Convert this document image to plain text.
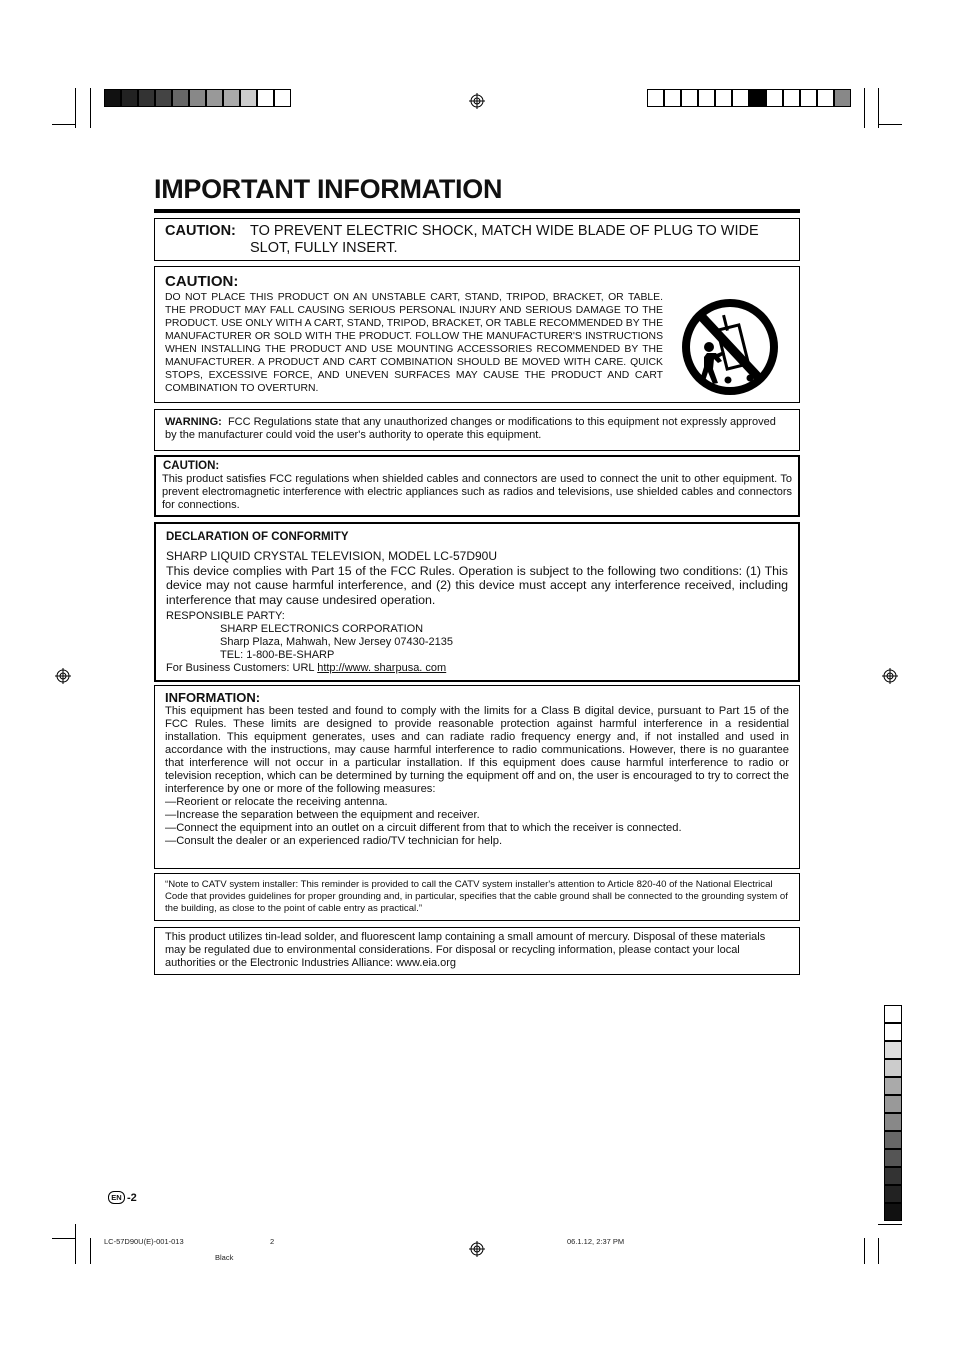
IMPORTANT INFORMATION
CAUTION: TO PREVENT ELECTRIC SHOCK, MATCH WIDE BLADE OF PLUG TO WIDE SLOT, FULLY INSERT.
CAUTION:
DO NOT PLACE THIS PRODUCT ON AN UNSTABLE CART, STAND, TRIPOD, BRACKET, OR TABLE. THE PRODUCT MAY FALL CAUSING SERIOUS PERSONAL INJURY AND SERIOUS DAMAGE TO THE PRODUCT. USE ONLY WITH A CART, STAND, TRIPOD, BRACKET, OR TABLE RECOMMENDED BY THE MANUFACTURER OR SOLD WITH THE PRODUCT. FOLLOW THE MANUFACTURER'S INSTRUCTIONS WHEN INSTALLING THE PRODUCT AND USE MOUNTING ACCESSORIES RECOMMENDED BY THE MANUFACTURER. A PRODUCT AND CART COMBINATION SHOULD BE MOVED WITH CARE. QUICK STOPS, EXCESSIVE FORCE, AND UNEVEN SURFACES MAY CAUSE THE PRODUCT AND CART COMBINATION TO OVERTURN.
WARNING: FCC Regulations state that any unauthorized changes or modifications to this equipment not expressly approved by the manufacturer could void the user's authority to operate this equipment.
CAUTION:
This product satisfies FCC regulations when shielded cables and connectors are used to connect the unit to other equipment. To prevent electromagnetic interference with electric appliances such as radios and televisions, use shielded cables and connectors for connections.
DECLARATION OF CONFORMITY
SHARP LIQUID CRYSTAL TELEVISION, MODEL LC-57D90U
This device complies with Part 15 of the FCC Rules. Operation is subject to the following two conditions: (1) This device may not cause harmful interference, and (2) this device must accept any interference received, including interference that may cause undesired operation.
RESPONSIBLE PARTY:
SHARP ELECTRONICS CORPORATION
Sharp Plaza, Mahwah, New Jersey 07430-2135
TEL: 1-800-BE-SHARP
For Business Customers: URL http://www. sharpusa. com
INFORMATION:
This equipment has been tested and found to comply with the limits for a Class B digital device, pursuant to Part 15 of the FCC Rules. These limits are designed to provide reasonable protection against harmful interference in a residential installation. This equipment generates, uses and can radiate radio frequency energy and, if not installed and used in accordance with the instructions, may cause harmful interference to radio communications. However, there is no guarantee that interference will not occur in a particular installation. If this equipment does cause harmful interference to radio or television reception, which can be determined by turning the equipment off and on, the user is encouraged to try to correct the interference by one or more of the following measures:
—Reorient or relocate the receiving antenna.
—Increase the separation between the equipment and receiver.
—Connect the equipment into an outlet on a circuit different from that to which the receiver is connected.
—Consult the dealer or an experienced radio/TV technician for help.
“Note to CATV system installer: This reminder is provided to call the CATV system installer's attention to Article 820-40 of the National Electrical Code that provides guidelines for proper grounding and, in particular, specifies that the cable ground shall be connected to the grounding system of the building, as close to the point of cable entry as practical.”
This product utilizes tin-lead solder, and fluorescent lamp containing a small amount of mercury. Disposal of these materials may be regulated due to environmental considerations. For disposal or recycling information, please contact your local authorities or the Electronic Industries Alliance: www.eia.org
EN -2
LC-57D90U(E)-001-013	2	06.1.12, 2:37 PM
Black
